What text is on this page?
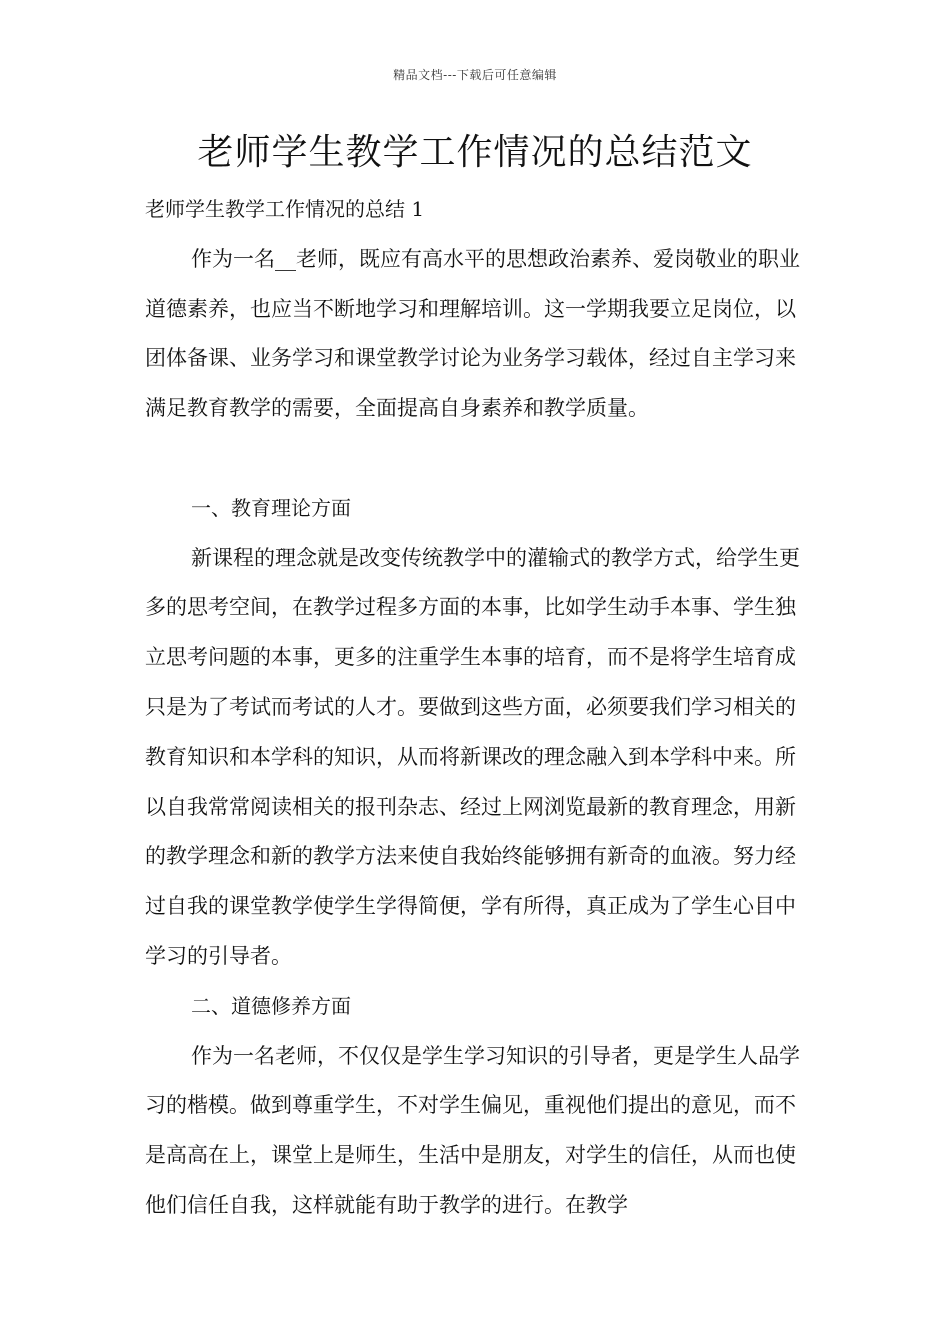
精品文档---下载后可任意编辑
老师学生教学工作情况的总结范文

老师学生教学工作情况的总结 1

作为一名__老师，既应有高水平的思想政治素养、爱岗敬业的职业道德素养，也应当不断地学习和理解培训。这一学期我要立足岗位，以团体备课、业务学习和课堂教学讨论为业务学习载体，经过自主学习来满足教育教学的需要，全面提高自身素养和教学质量。

一、教育理论方面

新课程的理念就是改变传统教学中的灌输式的教学方式，给学生更多的思考空间，在教学过程多方面的本事，比如学生动手本事、学生独立思考问题的本事，更多的注重学生本事的培育，而不是将学生培育成只是为了考试而考试的人才。要做到这些方面，必须要我们学习相关的教育知识和本学科的知识，从而将新课改的理念融入到本学科中来。所以自我常常阅读相关的报刊杂志、经过上网浏览最新的教育理念，用新的教学理念和新的教学方法来使自我始终能够拥有新奇的血液。努力经过自我的课堂教学使学生学得简便，学有所得，真正成为了学生心目中学习的引导者。

二、道德修养方面

作为一名老师，不仅仅是学生学习知识的引导者，更是学生人品学习的楷模。做到尊重学生，不对学生偏见，重视他们提出的意见，而不是高高在上，课堂上是师生，生活中是朋友，对学生的信任，从而也使他们信任自我，这样就能有助于教学的进行。在教学
